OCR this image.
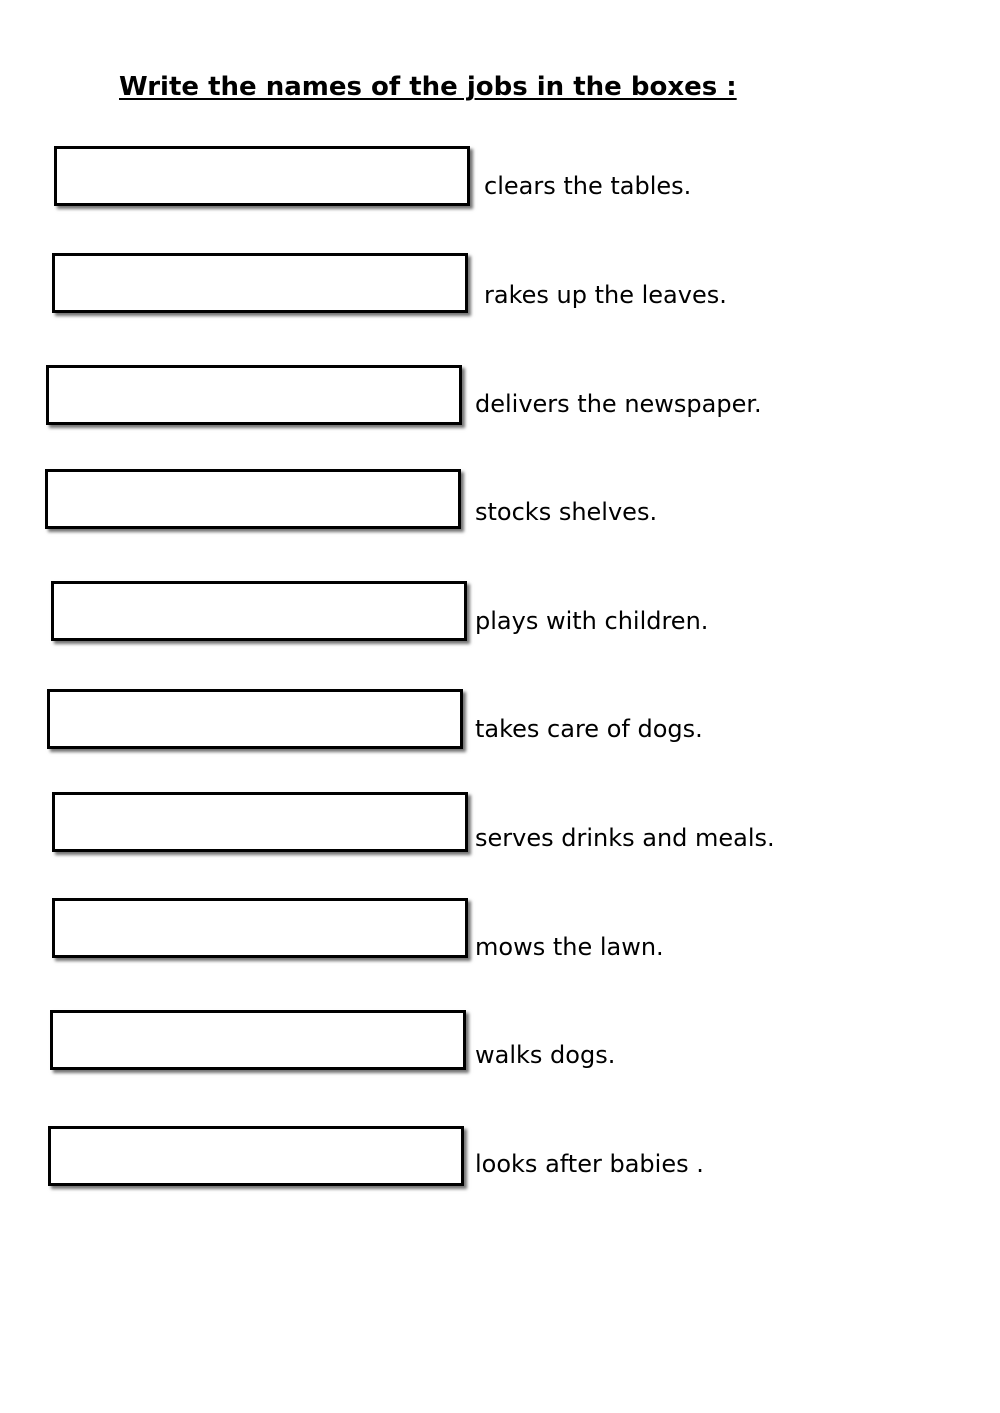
Write the names of the jobs in the boxes :
clears the tables.
rakes up the leaves.
delivers the newspaper.
stocks shelves.
plays with children.
takes care of dogs.
serves drinks and meals.
mows the lawn.
walks dogs.
looks after babies .
